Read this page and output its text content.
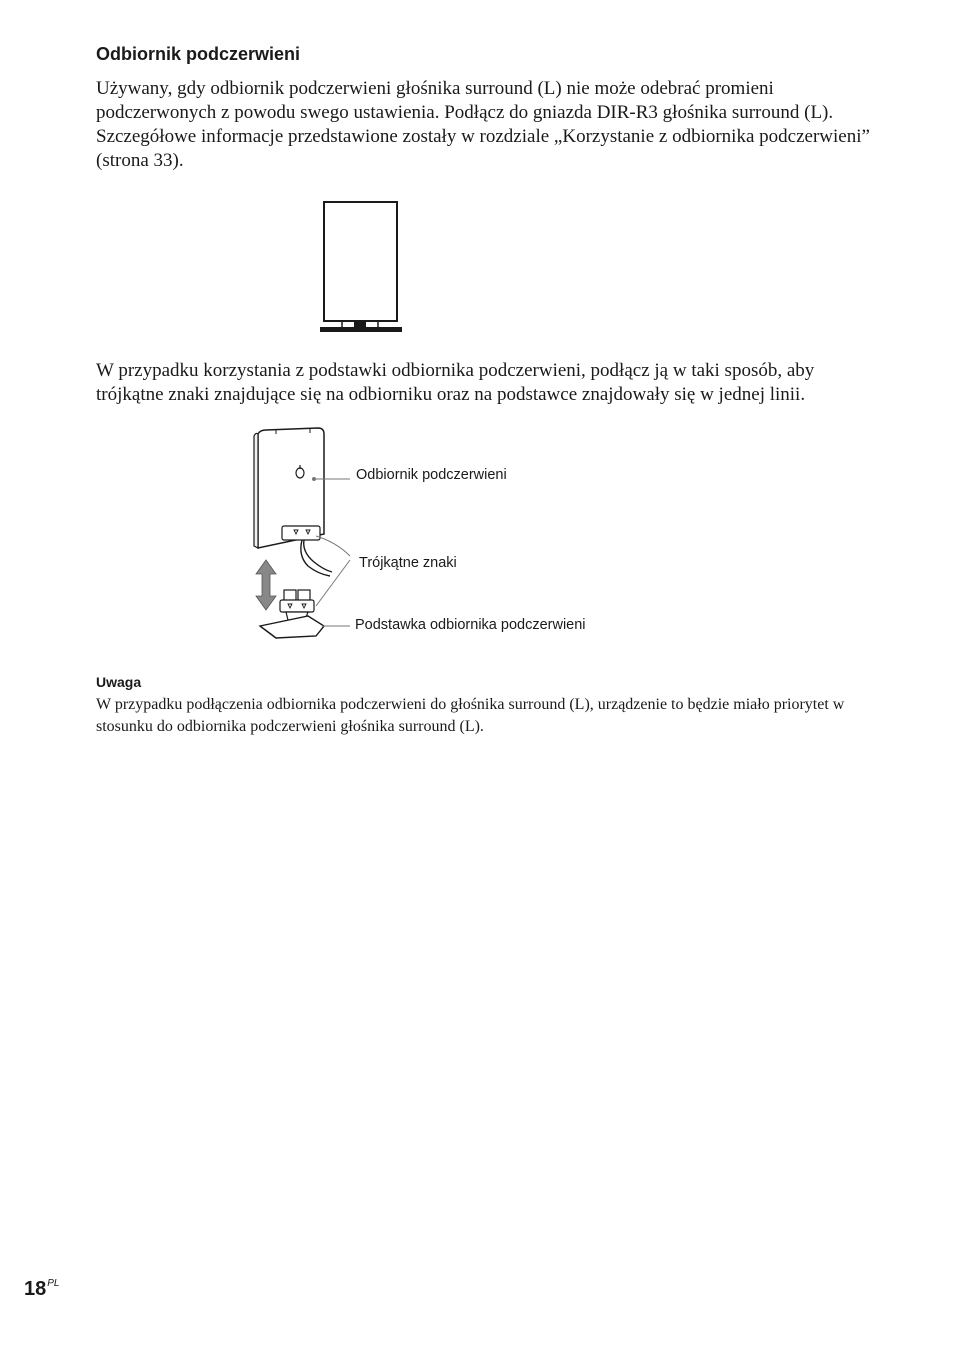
Odbiornik podczerwieni

Używany, gdy odbiornik podczerwieni głośnika surround (L) nie może odebrać promieni podczerwonych z powodu swego ustawienia. Podłącz do gniazda DIR-R3 głośnika surround (L). Szczegółowe informacje przedstawione zostały w rozdziale „Korzystanie z odbiornika podczerwieni” (strona 33).

W przypadku korzystania z podstawki odbiornika podczerwieni, podłącz ją w taki sposób, aby trójkątne znaki znajdujące się na odbiorniku oraz na podstawce znajdowały się w jednej linii.

Odbiornik podczerwieni
Trójkątne znaki
Podstawka odbiornika podczerwieni
Uwaga

W przypadku podłączenia odbiornika podczerwieni do głośnika surround (L), urządzenie to będzie miało priorytet w stosunku do odbiornika podczerwieni głośnika surround (L).

$18^{PL}$
